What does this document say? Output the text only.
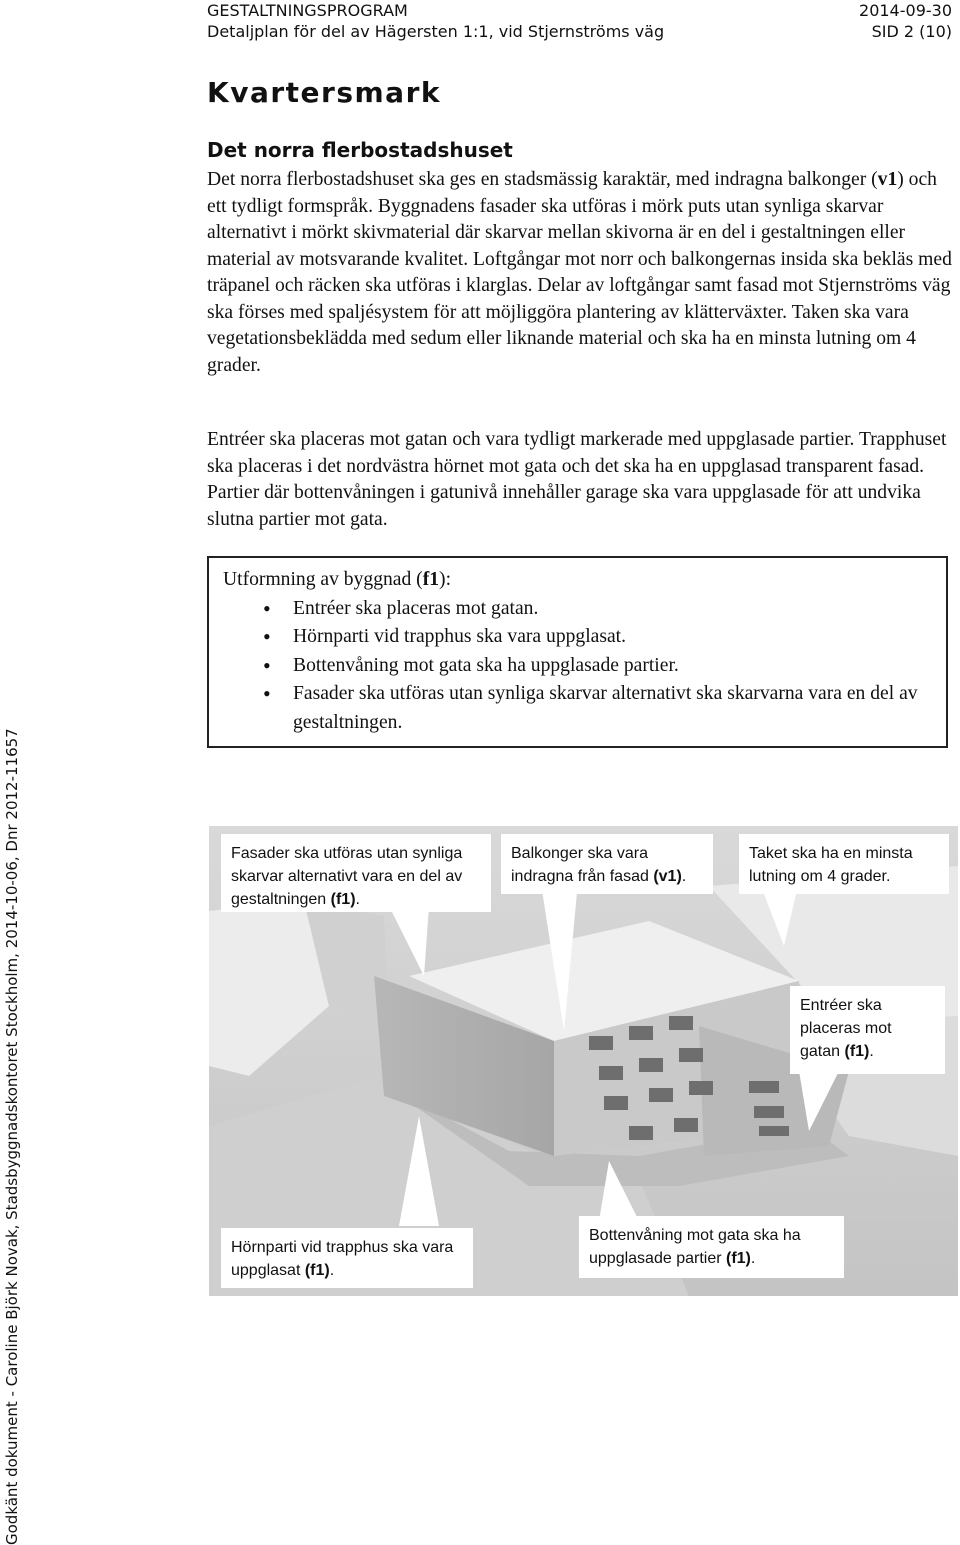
GESTALTNINGSPROGRAM
Detaljplan för del av Hägersten 1:1, vid Stjernströms väg
2014-09-30
SID 2 (10)
Kvartersmark
Det norra flerbostadshuset

Det norra flerbostadshuset ska ges en stadsmässig karaktär, med indragna balkonger (v1) och ett tydligt formspråk. Byggnadens fasader ska utföras i mörk puts utan synliga skarvar alternativt i mörkt skivmaterial där skarvar mellan skivorna är en del i gestaltningen eller material av motsvarande kvalitet. Loftgångar mot norr och balkongernas insida ska bekläs med träpanel och räcken ska utföras i klarglas. Delar av loftgångar samt fasad mot Stjernströms väg ska förses med spaljésystem för att möjliggöra plantering av klätterväxter. Taken ska vara vegetationsbeklädda med sedum eller liknande material och ska ha en minsta lutning om 4 grader.

Entréer ska placeras mot gatan och vara tydligt markerade med uppglasade partier. Trapphuset ska placeras i det nordvästra hörnet mot gata och det ska ha en uppglasad transparent fasad. Partier där bottenvåningen i gatunivå innehåller garage ska vara uppglasade för att undvika slutna partier mot gata.

Utformning av byggnad (f1):
• Entréer ska placeras mot gatan.
• Hörnparti vid trapphus ska vara uppglasat.
• Bottenvåning mot gata ska ha uppglasade partier.
• Fasader ska utföras utan synliga skarvar alternativt ska skarvarna vara en del av gestaltningen.
Godkänt dokument - Caroline Björk Novak, Stadsbyggnadskontoret Stockholm, 2014-10-06, Dnr 2012-11657	Fasader ska utföras utan synliga skarvar alternativt vara en del av gestaltningen (f1).
Balkonger ska vara indragna från fasad (v1).
Taket ska ha en minsta lutning om 4 grader.
Entréer ska placeras mot gatan (f1).
Hörnparti vid trapphus ska vara uppglasat (f1).
Bottenvåning mot gata ska ha uppglasade partier (f1).
